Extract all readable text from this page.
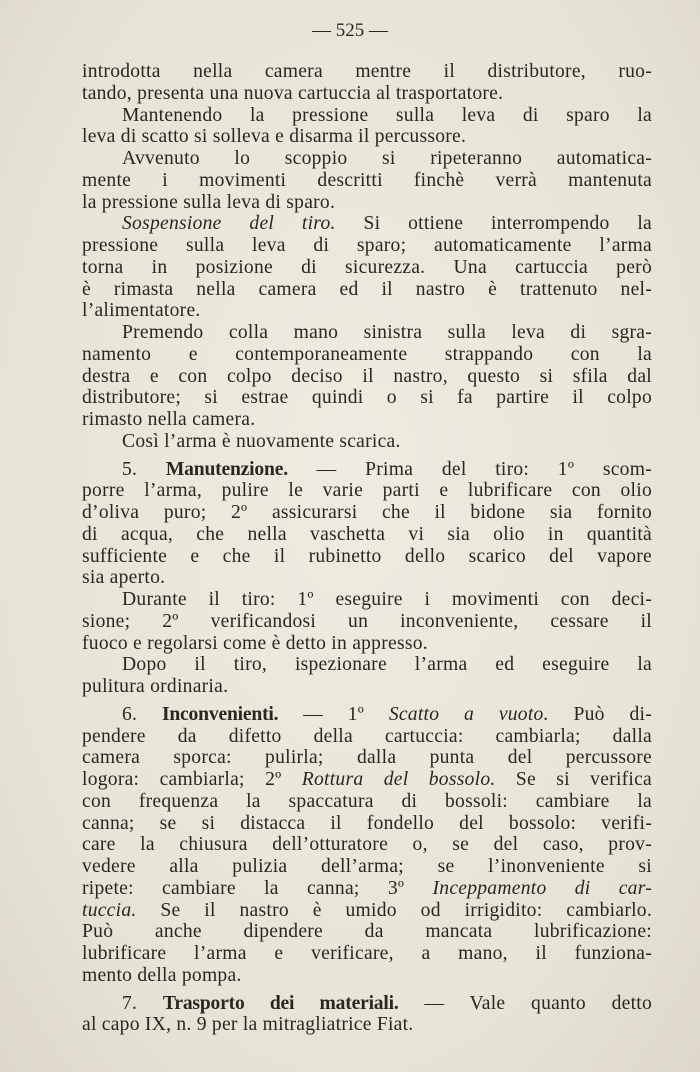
— 525 —
introdotta nella camera mentre il distributore, ruo-
tando, presenta una nuova cartuccia al trasportatore.
Mantenendo la pressione sulla leva di sparo la
leva di scatto si solleva e disarma il percussore.
Avvenuto lo scoppio si ripeteranno automatica-
mente i movimenti descritti finchè verrà mantenuta
la pressione sulla leva di sparo.
Sospensione del tiro. Si ottiene interrompendo la
pressione sulla leva di sparo; automaticamente l’arma
torna in posizione di sicurezza. Una cartuccia però
è rimasta nella camera ed il nastro è trattenuto nel-
l’alimentatore.
Premendo colla mano sinistra sulla leva di sgra-
namento e contemporaneamente strappando con la
destra e con colpo deciso il nastro, questo si sfila dal
distributore; si estrae quindi o si fa partire il colpo
rimasto nella camera.
Così l’arma è nuovamente scarica.
5. Manutenzione. — Prima del tiro: 1º scom-
porre l’arma, pulire le varie parti e lubrificare con olio
d’oliva puro; 2º assicurarsi che il bidone sia fornito
di acqua, che nella vaschetta vi sia olio in quantità
sufficiente e che il rubinetto dello scarico del vapore
sia aperto.
Durante il tiro: 1º eseguire i movimenti con deci-
sione; 2º verificandosi un inconveniente, cessare il
fuoco e regolarsi come è detto in appresso.
Dopo il tiro, ispezionare l’arma ed eseguire la
pulitura ordinaria.
6. Inconvenienti. — 1º Scatto a vuoto. Può di-
pendere da difetto della cartuccia: cambiarla; dalla
camera sporca: pulirla; dalla punta del percussore
logora: cambiarla; 2º Rottura del bossolo. Se si verifica
con frequenza la spaccatura di bossoli: cambiare la
canna; se si distacca il fondello del bossolo: verifi-
care la chiusura dell’otturatore o, se del caso, prov-
vedere alla pulizia dell’arma; se l’inonveniente si
ripete: cambiare la canna; 3º Inceppamento di car-
tuccia. Se il nastro è umido od irrigidito: cambiarlo.
Può anche dipendere da mancata lubrificazione:
lubrificare l’arma e verificare, a mano, il funziona-
mento della pompa.
7. Trasporto dei materiali. — Vale quanto detto
al capo IX, n. 9 per la mitragliatrice Fiat.
